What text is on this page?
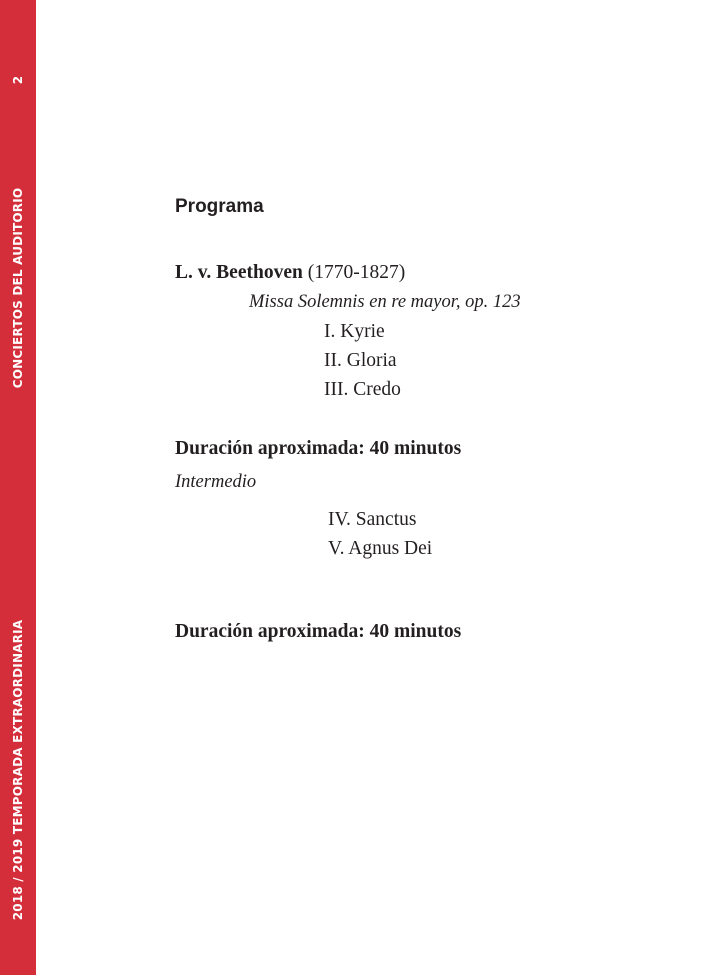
2
CONCIERTOS DEL AUDITORIO
2018 / 2019 TEMPORADA EXTRAORDINARIA
Programa
L. v. Beethoven (1770-1827)
Missa Solemnis en re mayor, op. 123
I. Kyrie
II. Gloria
III. Credo
Duración aproximada: 40 minutos
Intermedio
IV. Sanctus
V. Agnus Dei
Duración aproximada: 40 minutos
